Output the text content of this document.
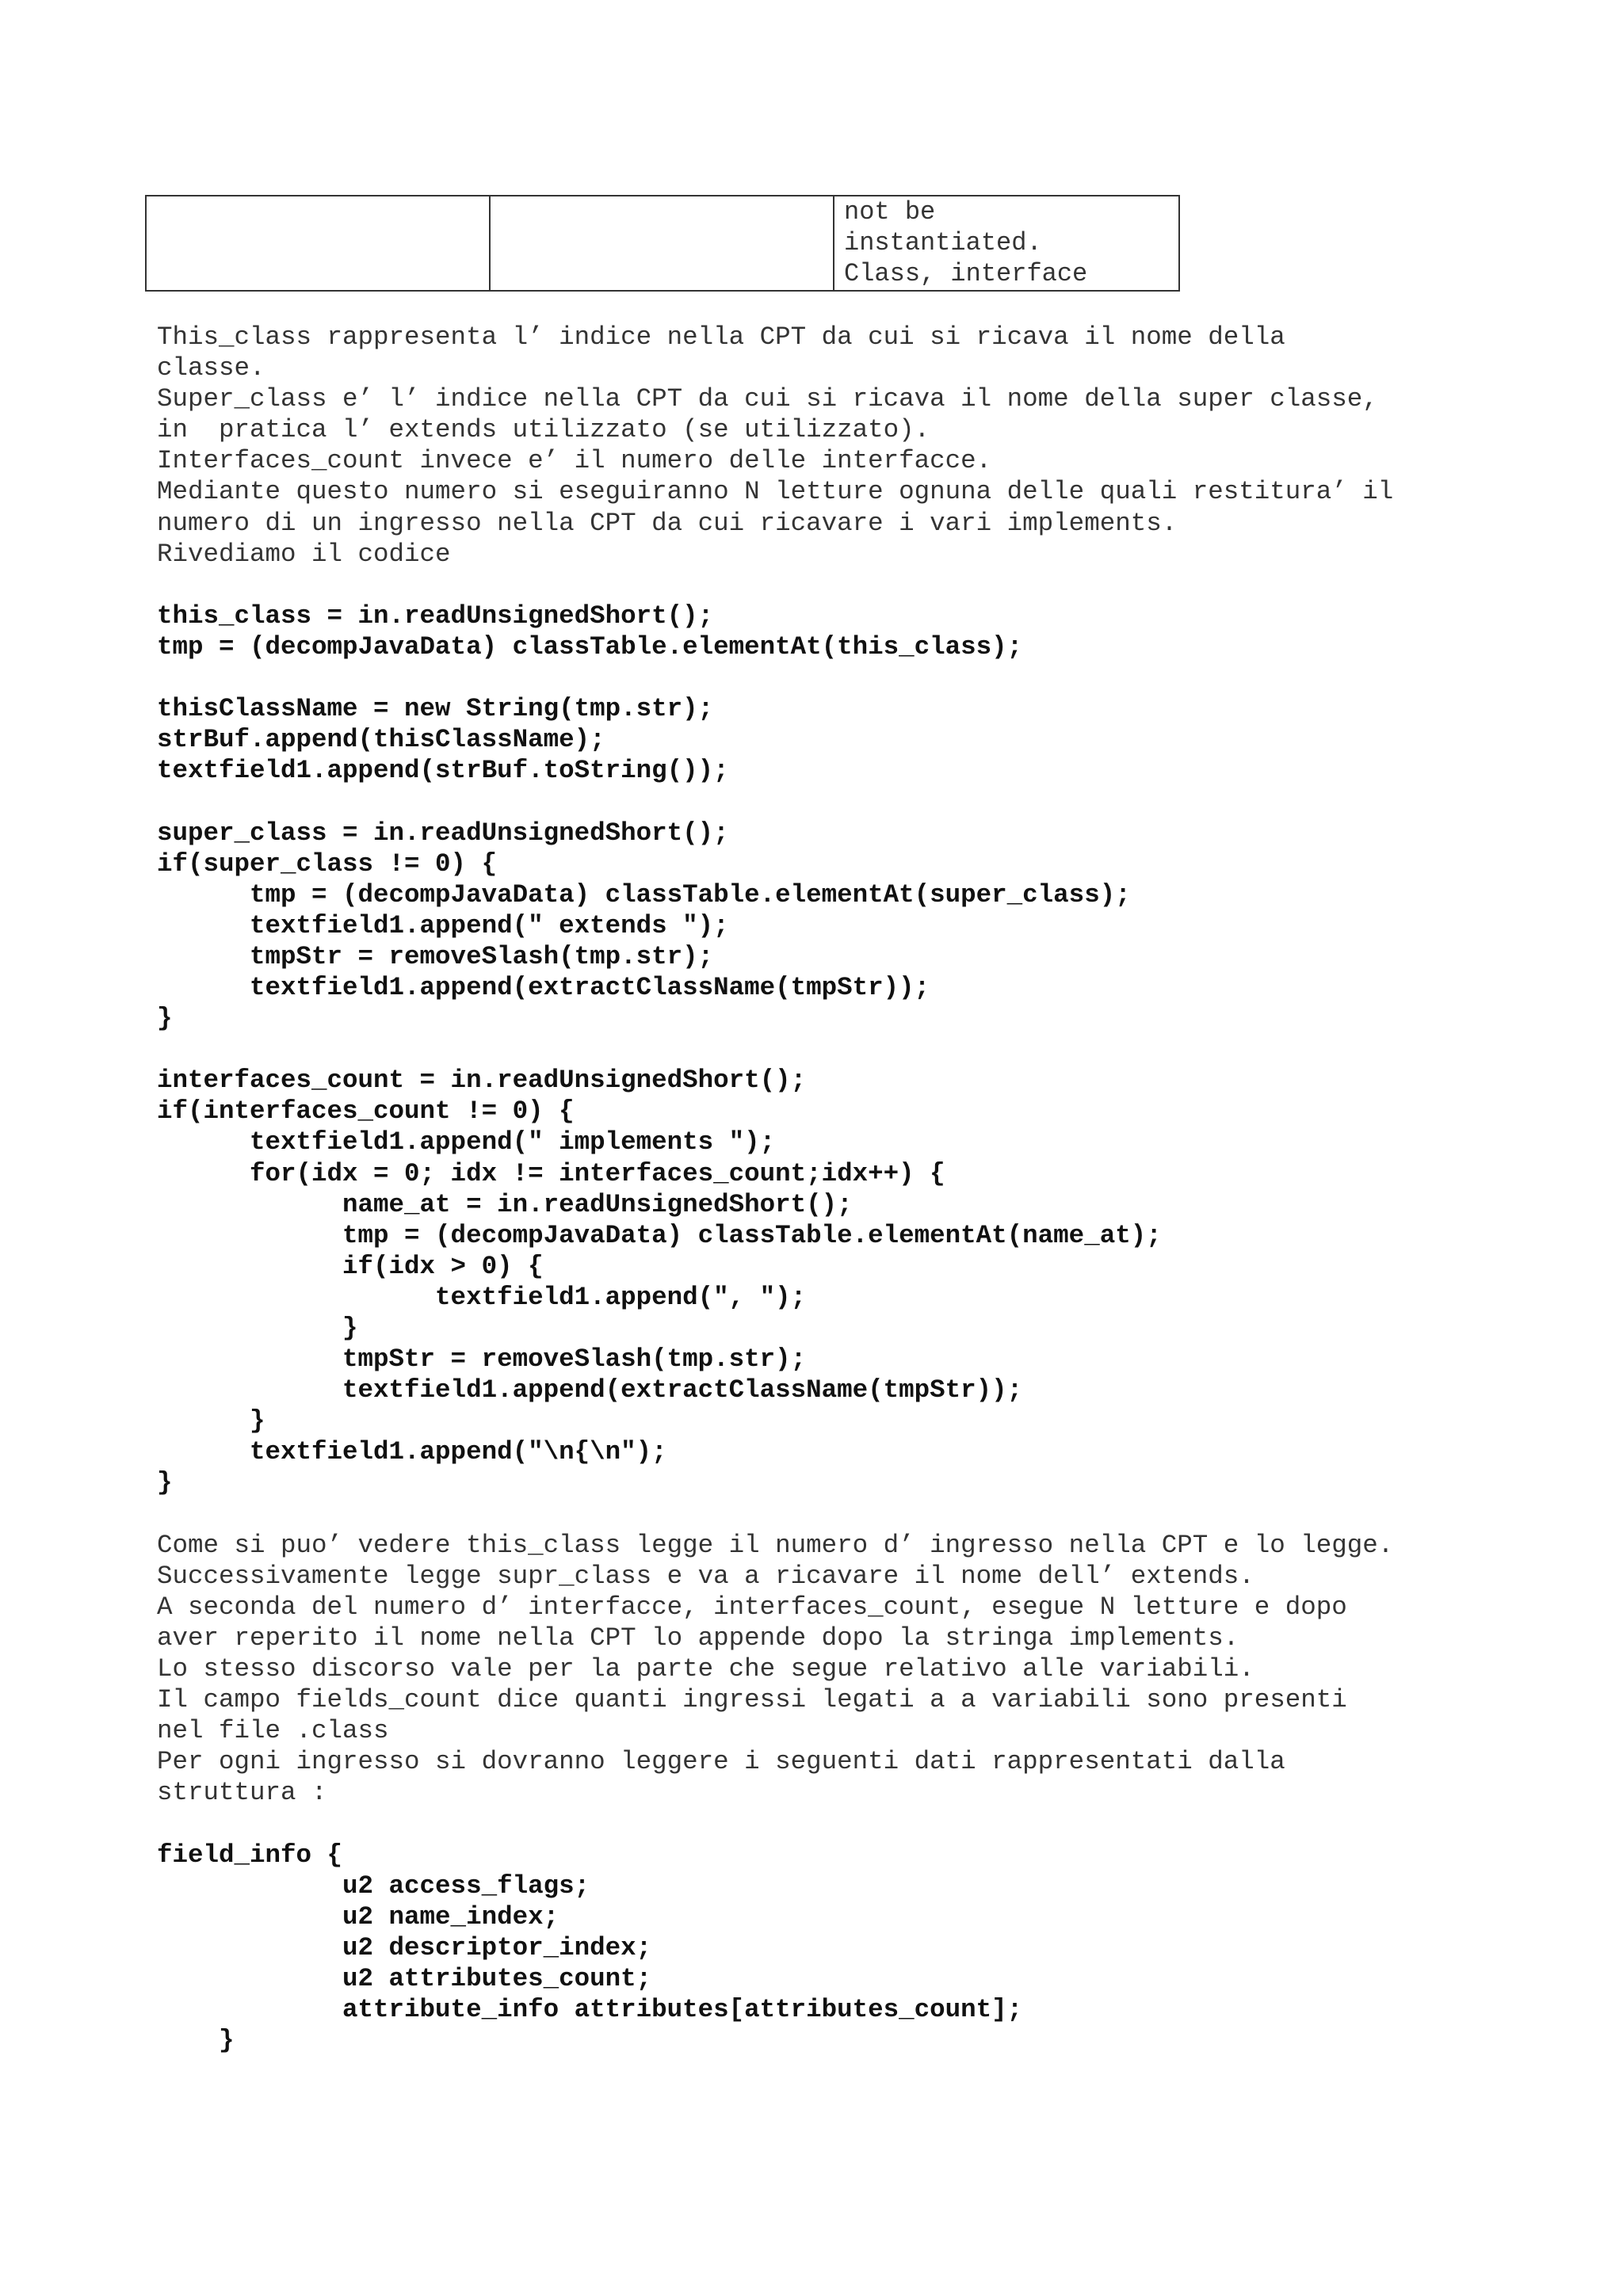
not be
instantiated.
Class, interface

This_class rappresenta l’ indice nella CPT da cui si ricava il nome della

classe.

Super_class e’ l’ indice nella CPT da cui si ricava il nome della super classe,

in  pratica l’ extends utilizzato (se utilizzato).

Interfaces_count invece e’ il numero delle interfacce.

Mediante questo numero si eseguiranno N letture ognuna delle quali restitura’ il

numero di un ingresso nella CPT da cui ricavare i vari implements.

Rivediamo il codice

this_class = in.readUnsignedShort();

tmp = (decompJavaData) classTable.elementAt(this_class);

thisClassName = new String(tmp.str);

strBuf.append(thisClassName);

textfield1.append(strBuf.toString());

super_class = in.readUnsignedShort();

if(super_class != 0) {

tmp = (decompJavaData) classTable.elementAt(super_class);

textfield1.append(" extends ");

tmpStr = removeSlash(tmp.str);

textfield1.append(extractClassName(tmpStr));

}

interfaces_count = in.readUnsignedShort();

if(interfaces_count != 0) {

textfield1.append(" implements ");

for(idx = 0; idx != interfaces_count;idx++) {

name_at = in.readUnsignedShort();

tmp = (decompJavaData) classTable.elementAt(name_at);

if(idx > 0) {

textfield1.append(", ");

}

tmpStr = removeSlash(tmp.str);

textfield1.append(extractClassName(tmpStr));

}

textfield1.append("\n{\n");

}

Come si puo’ vedere this_class legge il numero d’ ingresso nella CPT e lo legge.

Successivamente legge supr_class e va a ricavare il nome dell’ extends.

A seconda del numero d’ interfacce, interfaces_count, esegue N letture e dopo

aver reperito il nome nella CPT lo appende dopo la stringa implements.

Lo stesso discorso vale per la parte che segue relativo alle variabili.

Il campo fields_count dice quanti ingressi legati a a variabili sono presenti

nel file .class

Per ogni ingresso si dovranno leggere i seguenti dati rappresentati dalla

struttura :

field_info {

u2 access_flags;

u2 name_index;

u2 descriptor_index;

u2 attributes_count;

attribute_info attributes[attributes_count];

}
